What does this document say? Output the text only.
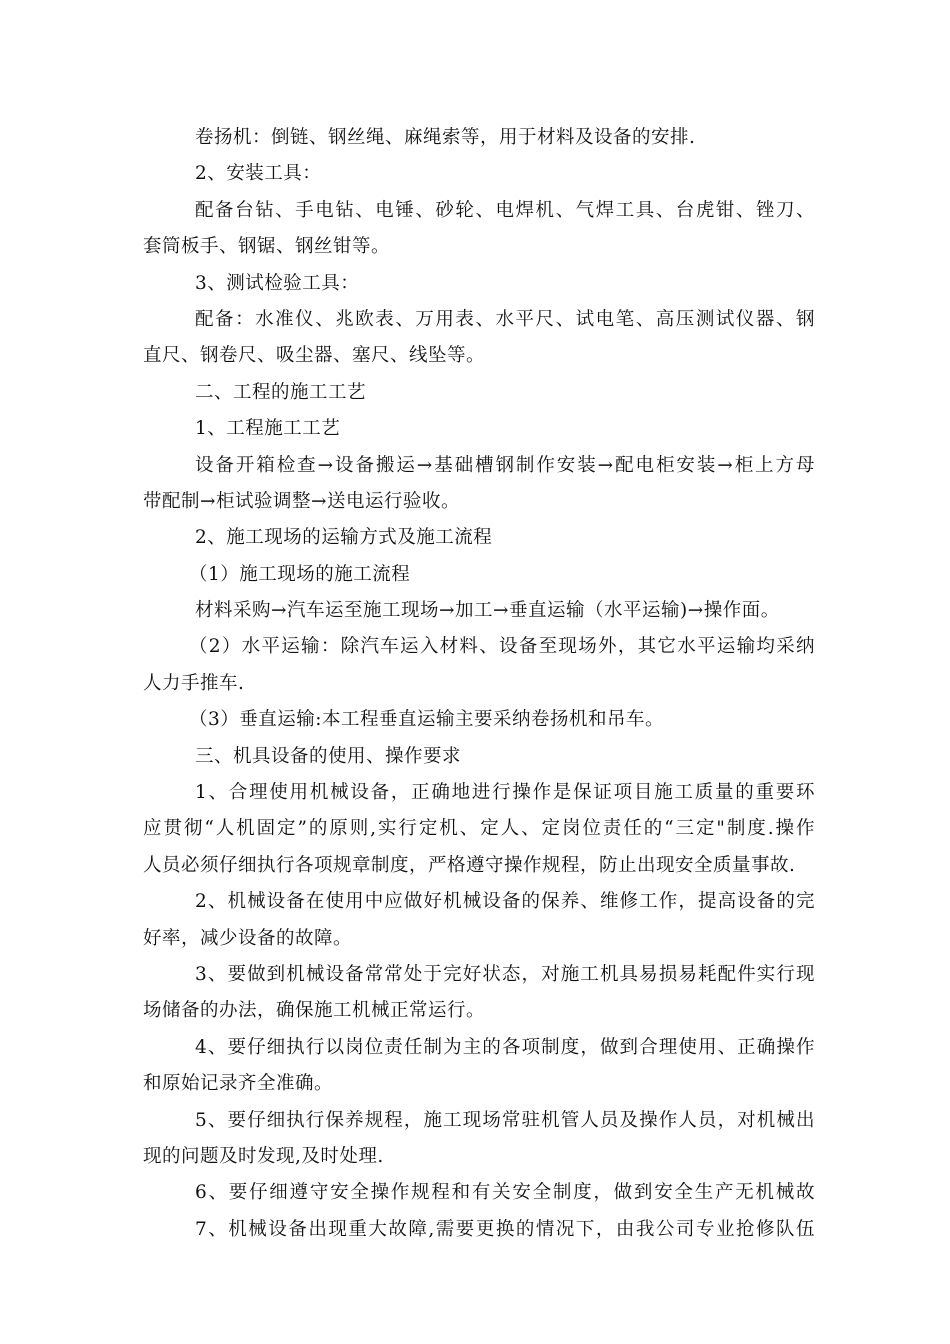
卷扬机：倒链、钢丝绳、麻绳索等，用于材料及设备的安排.
2、安装工具：
配备台钻、手电钻、电锤、砂轮、电焊机、气焊工具、台虎钳、锉刀、
套筒板手、钢锯、钢丝钳等。
3、测试检验工具：
配备：水准仪、兆欧表、万用表、水平尺、试电笔、高压测试仪器、钢
直尺、钢卷尺、吸尘器、塞尺、线坠等。
二、工程的施工工艺
1、工程施工工艺
设备开箱检查→设备搬运→基础槽钢制作安装→配电柜安装→柜上方母
带配制→柜试验调整→送电运行验收。
2、施工现场的运输方式及施工流程
（1）施工现场的施工流程
材料采购→汽车运至施工现场→加工→垂直运输（水平运输)→操作面。
（2）水平运输：除汽车运入材料、设备至现场外，其它水平运输均采纳
人力手推车.
（3）垂直运输:本工程垂直运输主要采纳卷扬机和吊车。
三、机具设备的使用、操作要求
1、合理使用机械设备，正确地进行操作是保证项目施工质量的重要环
应贯彻“人机固定”的原则,实行定机、定人、定岗位责任的“三定"制度.操作
人员必须仔细执行各项规章制度，严格遵守操作规程，防止出现安全质量事故.
2、机械设备在使用中应做好机械设备的保养、维修工作，提高设备的完
好率，减少设备的故障。
3、要做到机械设备常常处于完好状态，对施工机具易损易耗配件实行现
场储备的办法，确保施工机械正常运行。
4、要仔细执行以岗位责任制为主的各项制度，做到合理使用、正确操作
和原始记录齐全准确。
5、要仔细执行保养规程，施工现场常驻机管人员及操作人员，对机械出
现的问题及时发现,及时处理.
6、要仔细遵守安全操作规程和有关安全制度，做到安全生产无机械故
7、机械设备出现重大故障,需要更换的情况下，由我公司专业抢修队伍
